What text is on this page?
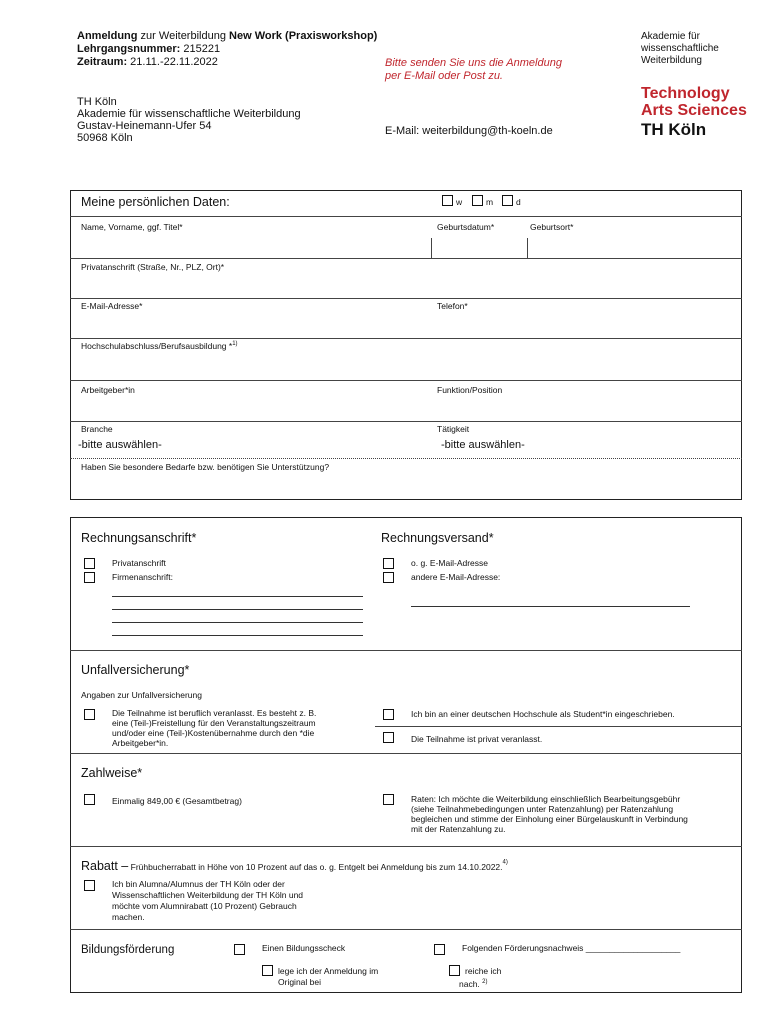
Anmeldung zur Weiterbildung New Work (Praxisworkshop)
Lehrgangsnummer: 215221
Zeitraum: 21.11.-22.11.2022	Bitte senden Sie uns die Anmeldung
per E-Mail oder Post zu.
TH Köln
Akademie für wissenschaftliche Weiterbildung
Gustav-Heinemann-Ufer 54
50968 Köln
E-Mail: weiterbildung@th-koeln.de
Akademie für
wissenschaftliche
Weiterbildung
Technology
Arts Sciences
TH Köln
Meine persönlichen Daten:	w	m	d
Name, Vorname, ggf. Titel*	Geburtsdatum*	Geburtsort*
Privatanschrift (Straße, Nr., PLZ, Ort)*
E-Mail-Adresse*	Telefon*
Hochschulabschluss/Berufsausbildung *$^{1)}$
Arbeitgeber*in	Funktion/Position
Branche	Tätigkeit
-bitte auswählen-	-bitte auswählen-
Haben Sie besondere Bedarfe bzw. benötigen Sie Unterstützung?
Rechnungsanschrift*	Rechnungsversand*
Privatanschrift
Firmenanschrift:
o. g. E-Mail-Adresse
andere E-Mail-Adresse:
Unfallversicherung*
Angaben zur Unfallversicherung
Die Teilnahme ist beruflich veranlasst. Es besteht z. B.
eine (Teil-)Freistellung für den Veranstaltungszeitraum
und/oder eine (Teil-)Kostenübernahme durch den *die
Arbeitgeber*in.
Ich bin an einer deutschen Hochschule als Student*in eingeschrieben.
Die Teilnahme ist privat veranlasst.
Zahlweise*
Einmalig 849,00 € (Gesamtbetrag)	Raten: Ich möchte die Weiterbildung einschließlich Bearbeitungsgebühr
(siehe Teilnahmebedingungen unter Ratenzahlung) per Ratenzahlung
begleichen und stimme der Einholung einer Bürgelauskunft in Verbindung
mit der Ratenzahlung zu.
Rabatt – Frühbucherrabatt in Höhe von 10 Prozent auf das o. g. Entgelt bei Anmeldung bis zum 14.10.2022.$^{4)}$
Ich bin Alumna/Alumnus der TH Köln oder der
Wissenschaftlichen Weiterbildung der TH Köln und
möchte vom Alumnirabatt (10 Prozent) Gebrauch
machen.
Bildungsförderung	Einen Bildungsscheck
lege ich der Anmeldung im
Original bei
Folgenden Förderungsnachweis ____________________
reiche ich
nach. $^{2)}$
